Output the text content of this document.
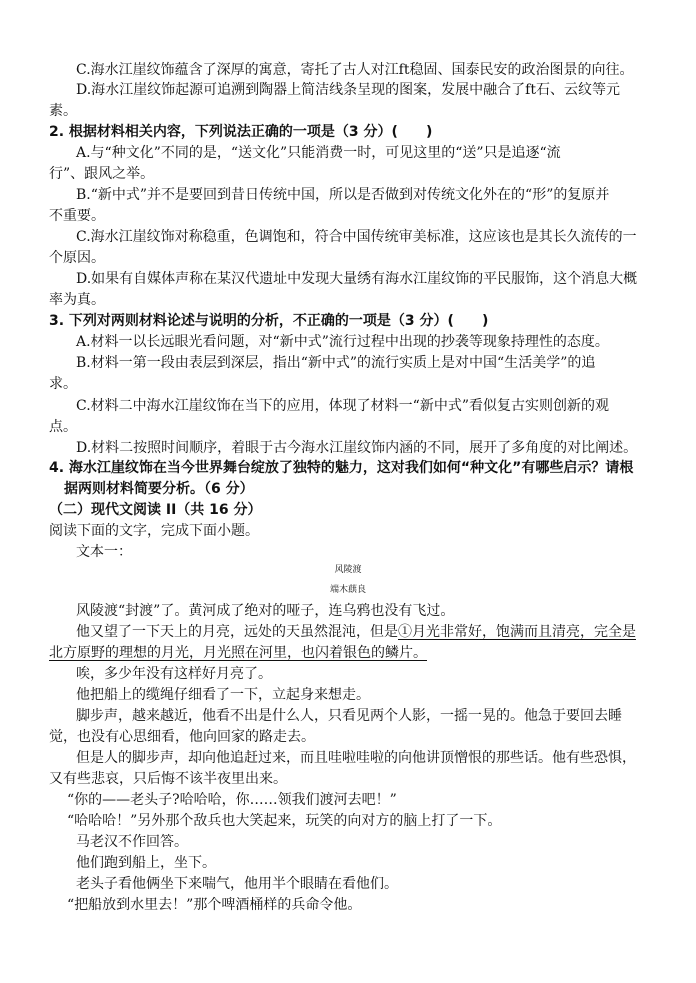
C.海水江崖纹饰蕴含了深厚的寓意，寄托了古人对江ft稳固、国泰民安的政治图景的向往。
D.海水江崖纹饰起源可追溯到陶器上简洁线条呈现的图案，发展中融合了ft石、云纹等元
素。
2. 根据材料相关内容，下列说法正确的一项是（3 分）(　　)
A.与“种文化”不同的是，“送文化”只能消费一时，可见这里的“送”只是追逐“流
行”、跟风之举。
B.“新中式”并不是要回到昔日传统中国，所以是否做到对传统文化外在的“形”的复原并
不重要。
C.海水江崖纹饰对称稳重，色调饱和，符合中国传统审美标准，这应该也是其长久流传的一
个原因。
D.如果有自媒体声称在某汉代遗址中发现大量绣有海水江崖纹饰的平民服饰，这个消息大概
率为真。
3. 下列对两则材料论述与说明的分析，不正确的一项是（3 分）(　　)
A.材料一以长远眼光看问题，对“新中式”流行过程中出现的抄袭等现象持理性的态度。
B.材料一第一段由表层到深层，指出“新中式”的流行实质上是对中国“生活美学”的追
求。
C.材料二中海水江崖纹饰在当下的应用，体现了材料一“新中式”看似复古实则创新的观
点。
D.材料二按照时间顺序，着眼于古今海水江崖纹饰内涵的不同，展开了多角度的对比阐述。
4. 海水江崖纹饰在当今世界舞台绽放了独特的魅力，这对我们如何“种文化”有哪些启示？请根
据两则材料简要分析。（6 分）
（二）现代文阅读 II（共 16 分）
阅读下面的文字，完成下面小题。
文本一：
风陵渡
端木蕻良
风陵渡“封渡”了。黄河成了绝对的哑子，连乌鸦也没有飞过。
他又望了一下天上的月亮，远处的天虽然混沌，但是①月光非常好，饱满而且清亮，完全是
北方原野的理想的月光，月光照在河里，也闪着银色的鳞片。
唉，多少年没有这样好月亮了。
他把船上的缆绳仔细看了一下，立起身来想走。
脚步声，越来越近，他看不出是什么人，只看见两个人影，一摇一晃的。他急于要回去睡
觉，也没有心思细看，他向回家的路走去。
但是人的脚步声，却向他追赶过来，而且哇啦哇啦的向他讲顶憎恨的那些话。他有些恐惧，
又有些悲哀，只后悔不该半夜里出来。
“你的——老头子?哈哈哈，你……领我们渡河去吧！”
“哈哈哈！”另外那个敌兵也大笑起来，玩笑的向对方的脑上打了一下。
马老汉不作回答。
他们跑到船上，坐下。
老头子看他俩坐下来喘气，他用半个眼睛在看他们。
“把船放到水里去！”那个啤酒桶样的兵命令他。
